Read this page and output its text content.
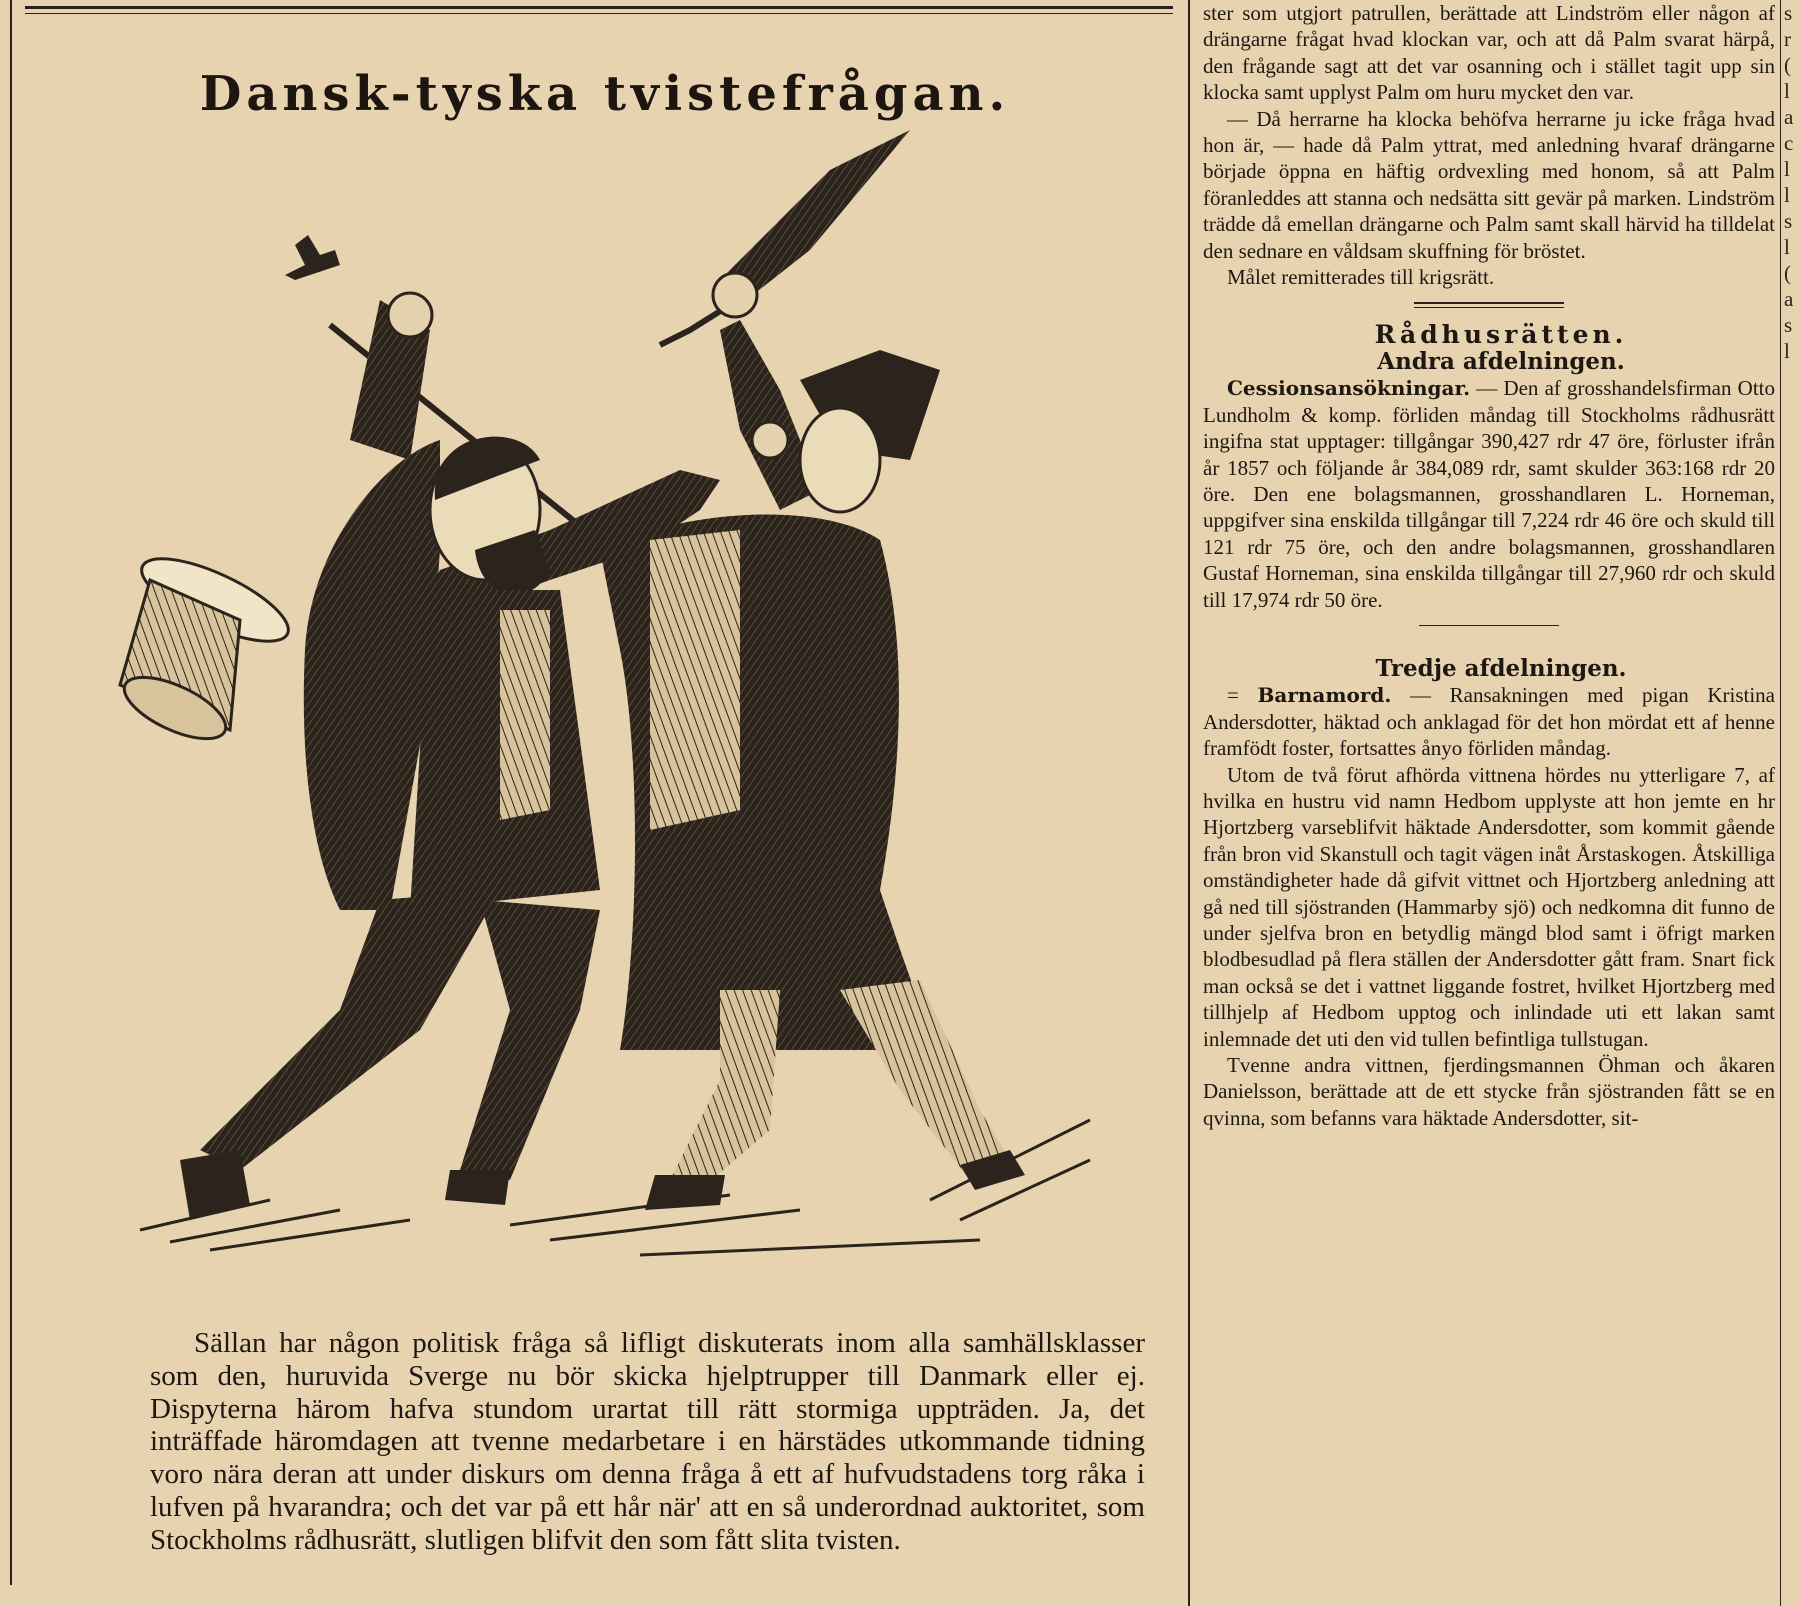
Dansk-tyska tvistefrågan.

Sällan har någon politisk fråga så lifligt diskuterats inom alla samhällsklasser som den, huruvida Sverge nu bör skicka hjelptrupper till Danmark eller ej. Dispyterna härom hafva stundom urartat till rätt stormiga uppträden. Ja, det inträffade häromdagen att tvenne medarbetare i en härstädes utkommande tidning voro nära deran att under diskurs om denna fråga å ett af hufvudstadens torg råka i lufven på hvarandra; och det var på ett hår när' att en så underordnad auktoritet, som Stockholms rådhusrätt, slutligen blifvit den som fått slita tvisten.

ster som utgjort patrullen, berättade att Lindström eller någon af drängarne frågat hvad klockan var, och att då Palm svarat härpå, den frågande sagt att det var osanning och i stället tagit upp sin klocka samt upplyst Palm om huru mycket den var.

— Då herrarne ha klocka behöfva herrarne ju icke fråga hvad hon är, — hade då Palm yttrat, med anledning hvaraf drängarne började öppna en häftig ordvexling med honom, så att Palm föranleddes att stanna och nedsätta sitt gevär på marken. Lindström trädde då emellan drängarne och Palm samt skall härvid ha tilldelat den sednare en våldsam skuffning för bröstet.

Målet remitterades till krigsrätt.

Rådhusrätten.

Andra afdelningen.

Cessionsansökningar. — Den af grosshandelsfirman Otto Lundholm & komp. förliden måndag till Stockholms rådhusrätt ingifna stat upptager: tillgångar 390,427 rdr 47 öre, förluster ifrån år 1857 och följande år 384,089 rdr, samt skulder 363:168 rdr 20 öre. Den ene bolagsmannen, grosshandlaren L. Horneman, uppgifver sina enskilda tillgångar till 7,224 rdr 46 öre och skuld till 121 rdr 75 öre, och den andre bolagsmannen, grosshandlaren Gustaf Horneman, sina enskilda tillgångar till 27,960 rdr och skuld till 17,974 rdr 50 öre.

Tredje afdelningen.

= Barnamord. — Ransakningen med pigan Kristina Andersdotter, häktad och anklagad för det hon mördat ett af henne framfödt foster, fortsattes ånyo förliden måndag.

Utom de två förut afhörda vittnena hördes nu ytterligare 7, af hvilka en hustru vid namn Hedbom upplyste att hon jemte en hr Hjortzberg varseblifvit häktade Andersdotter, som kommit gående från bron vid Skanstull och tagit vägen inåt Årstaskogen. Åtskilliga omständigheter hade då gifvit vittnet och Hjortzberg anledning att gå ned till sjöstranden (Hammarby sjö) och nedkomna dit funno de under sjelfva bron en betydlig mängd blod samt i öfrigt marken blodbesudlad på flera ställen der Andersdotter gått fram. Snart fick man också se det i vattnet liggande fostret, hvilket Hjortzberg med tillhjelp af Hedbom upptog och inlindade uti ett lakan samt inlemnade det uti den vid tullen befintliga tullstugan.

Tvenne andra vittnen, fjerdingsmannen Öhman och åkaren Danielsson, berättade att de ett stycke från sjöstranden fått se en qvinna, som befanns vara häktade Andersdotter, sit-

s
r
(
l
a
c
l
l
s
l
(
a
s
l
